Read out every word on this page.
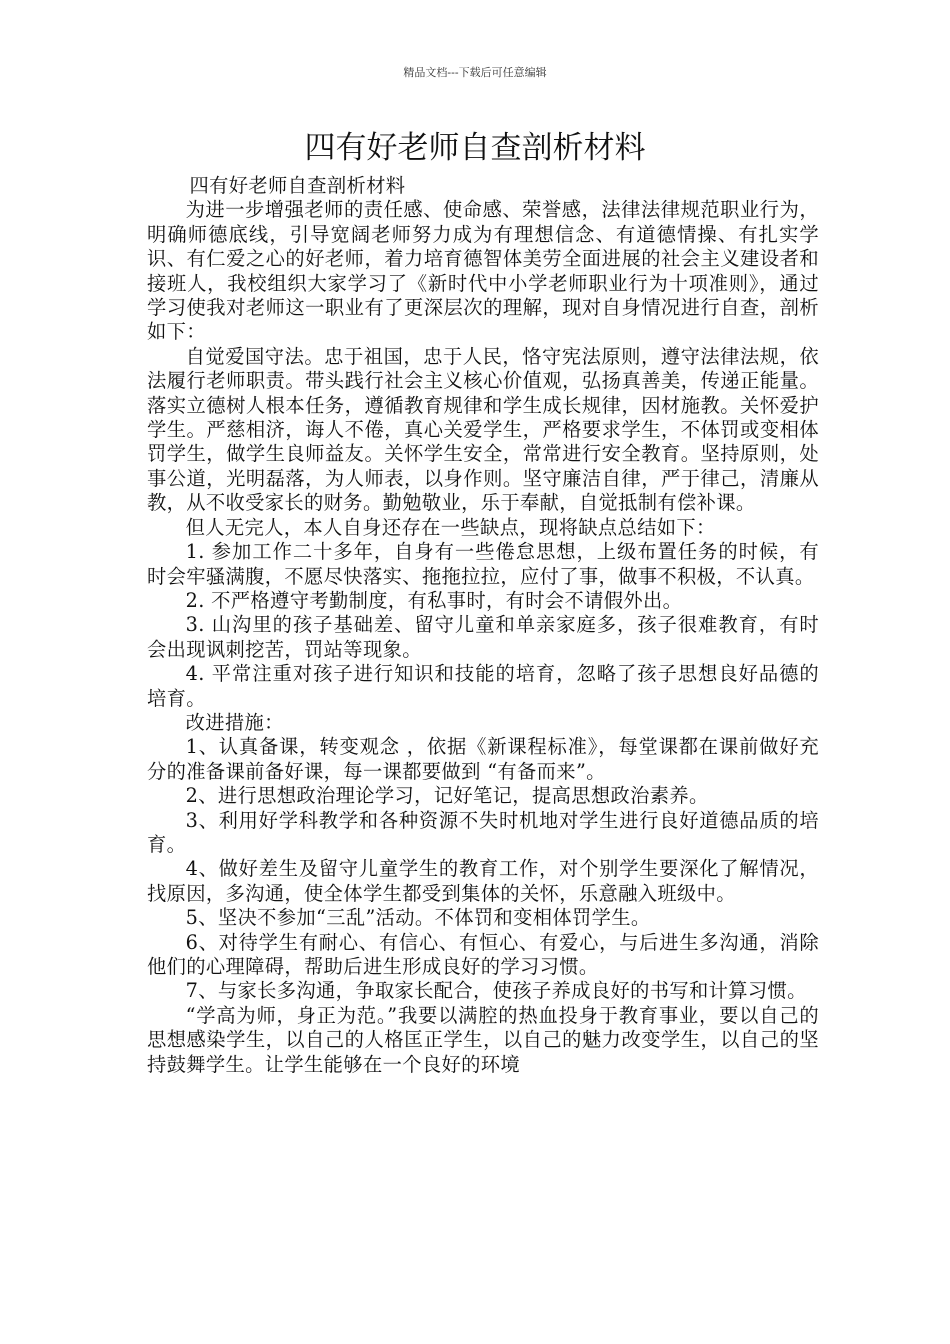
精品文档---下载后可任意编辑
四有好老师自查剖析材料

四有好老师自查剖析材料

为进一步增强老师的责任感、使命感、荣誉感，法律法律规范职业行为，明确师德底线，引导宽阔老师努力成为有理想信念、有道德情操、有扎实学识、有仁爱之心的好老师，着力培育德智体美劳全面进展的社会主义建设者和接班人，我校组织大家学习了《新时代中小学老师职业行为十项准则》，通过学习使我对老师这一职业有了更深层次的理解，现对自身情况进行自查，剖析如下：

自觉爱国守法。忠于祖国，忠于人民，恪守宪法原则，遵守法律法规，依法履行老师职责。带头践行社会主义核心价值观，弘扬真善美，传递正能量。落实立德树人根本任务，遵循教育规律和学生成长规律，因材施教。关怀爱护学生。严慈相济，诲人不倦，真心关爱学生，严格要求学生，不体罚或变相体罚学生，做学生良师益友。关怀学生安全，常常进行安全教育。坚持原则，处事公道，光明磊落，为人师表，以身作则。坚守廉洁自律，严于律己，清廉从教，从不收受家长的财务。勤勉敬业，乐于奉献，自觉抵制有偿补课。

但人无完人，本人自身还存在一些缺点，现将缺点总结如下：

1. 参加工作二十多年，自身有一些倦怠思想，上级布置任务的时候，有时会牢骚满腹，不愿尽快落实、拖拖拉拉，应付了事，做事不积极，不认真。

2. 不严格遵守考勤制度，有私事时，有时会不请假外出。

3. 山沟里的孩子基础差、留守儿童和单亲家庭多，孩子很难教育，有时会出现讽刺挖苦，罚站等现象。

4. 平常注重对孩子进行知识和技能的培育，忽略了孩子思想良好品德的培育。

改进措施：

1、认真备课，转变观念 ，依据《新课程标准》，每堂课都在课前做好充分的准备课前备好课，每一课都要做到 “有备而来”。

2、进行思想政治理论学习，记好笔记，提高思想政治素养。

3、利用好学科教学和各种资源不失时机地对学生进行良好道德品质的培育。

4、做好差生及留守儿童学生的教育工作，对个别学生要深化了解情况，找原因，多沟通，使全体学生都受到集体的关怀，乐意融入班级中。

5、坚决不参加“三乱”活动。不体罚和变相体罚学生。

6、对待学生有耐心、有信心、有恒心、有爱心，与后进生多沟通，消除他们的心理障碍，帮助后进生形成良好的学习习惯。

7、与家长多沟通，争取家长配合，使孩子养成良好的书写和计算习惯。

“学高为师，身正为范。”我要以满腔的热血投身于教育事业，要以自己的思想感染学生，以自己的人格匡正学生，以自己的魅力改变学生，以自己的坚持鼓舞学生。让学生能够在一个良好的环境
